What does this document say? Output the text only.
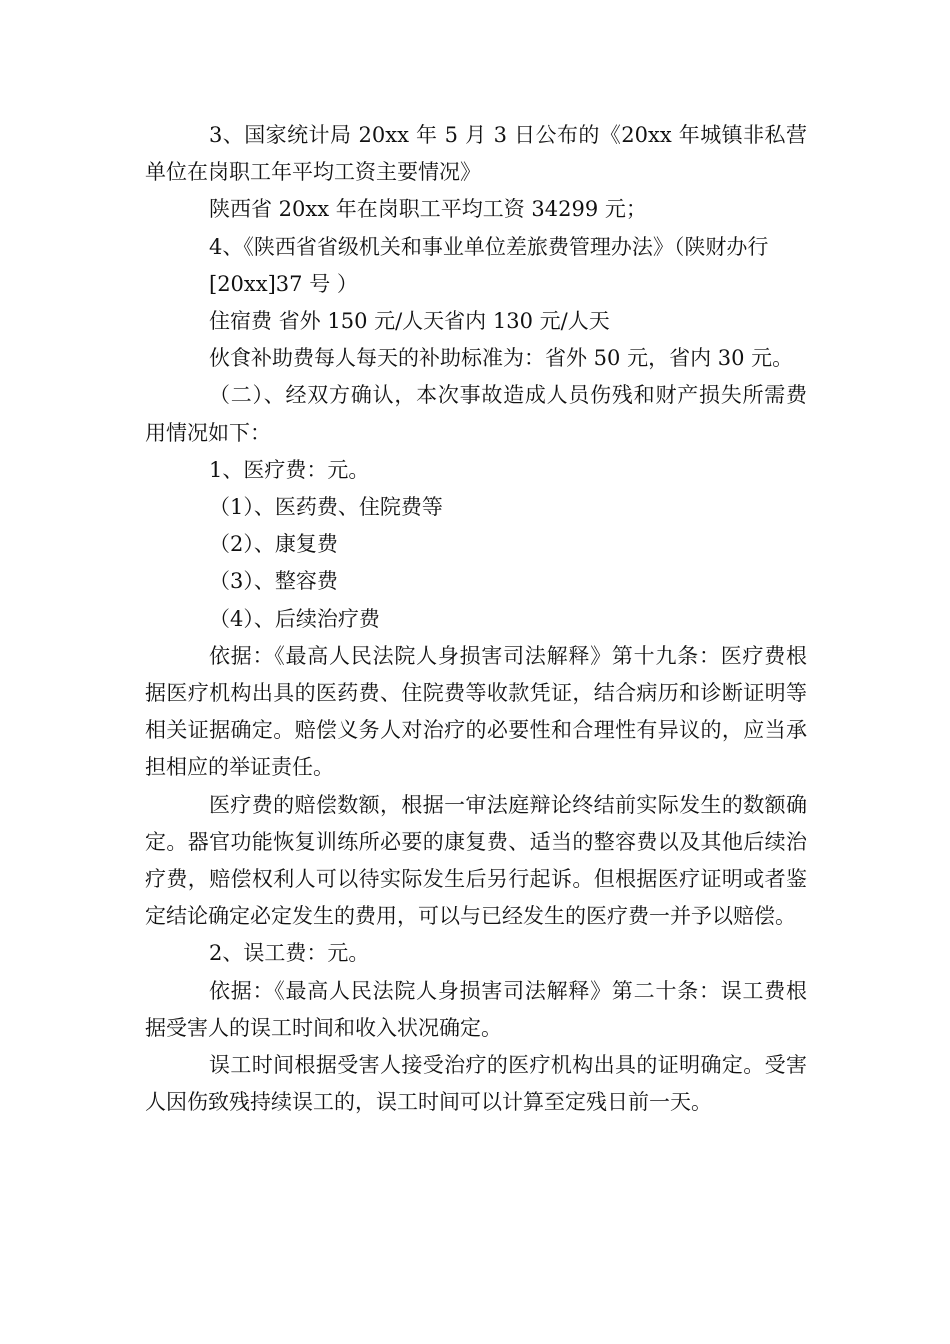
3、国家统计局 20xx 年 5 月 3 日公布的《20xx 年城镇非私营单位在岗职工年平均工资主要情况》

陕西省 20xx 年在岗职工平均工资 34299 元；

4、《陕西省省级机关和事业单位差旅费管理办法》（陕财办行

[20xx]37 号 ）

住宿费 省外 150 元/人天省内 130 元/人天

伙食补助费每人每天的补助标准为：省外 50 元，省内 30 元。

（二）、经双方确认，本次事故造成人员伤残和财产损失所需费用情况如下：

1、医疗费：元。

（1）、医药费、住院费等

（2）、康复费

（3）、整容费

（4）、后续治疗费

依据：《最高人民法院人身损害司法解释》第十九条：医疗费根据医疗机构出具的医药费、住院费等收款凭证，结合病历和诊断证明等相关证据确定。赔偿义务人对治疗的必要性和合理性有异议的，应当承担相应的举证责任。

医疗费的赔偿数额，根据一审法庭辩论终结前实际发生的数额确定。器官功能恢复训练所必要的康复费、适当的整容费以及其他后续治疗费，赔偿权利人可以待实际发生后另行起诉。但根据医疗证明或者鉴定结论确定必定发生的费用，可以与已经发生的医疗费一并予以赔偿。

2、误工费：元。

依据：《最高人民法院人身损害司法解释》第二十条：误工费根据受害人的误工时间和收入状况确定。

误工时间根据受害人接受治疗的医疗机构出具的证明确定。受害人因伤致残持续误工的，误工时间可以计算至定残日前一天。
